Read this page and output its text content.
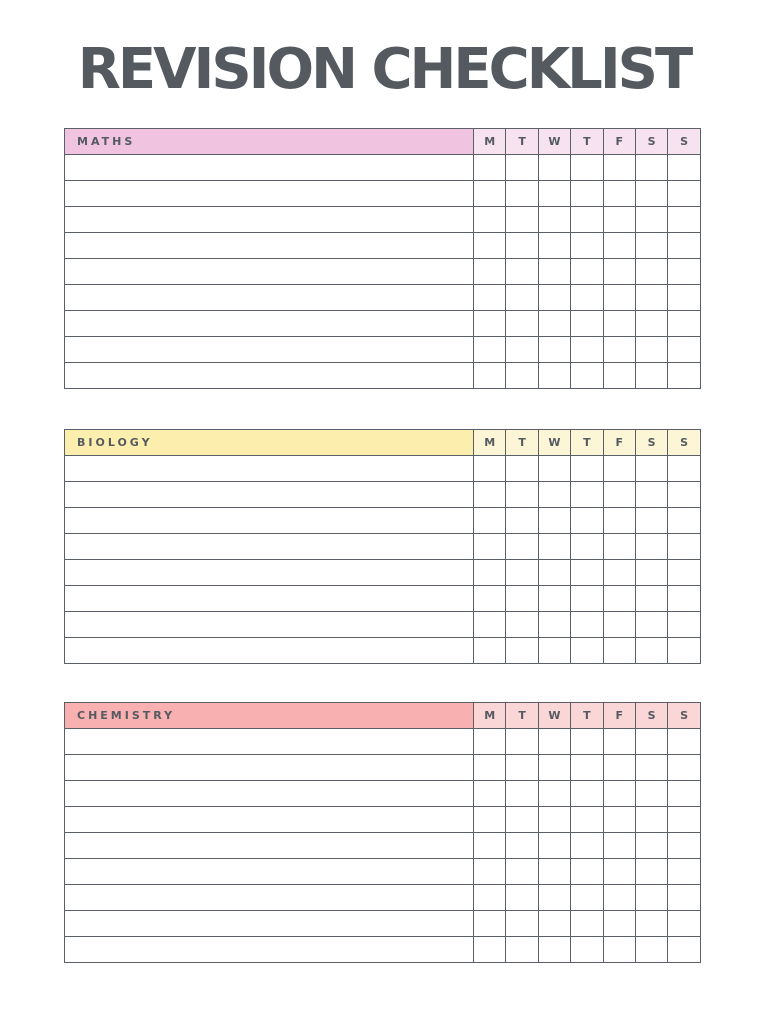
REVISION CHECKLIST
MATHS	M	T	W	T	F	S	S

BIOLOGY	M	T	W	T	F	S	S

CHEMISTRY	M	T	W	T	F	S	S
